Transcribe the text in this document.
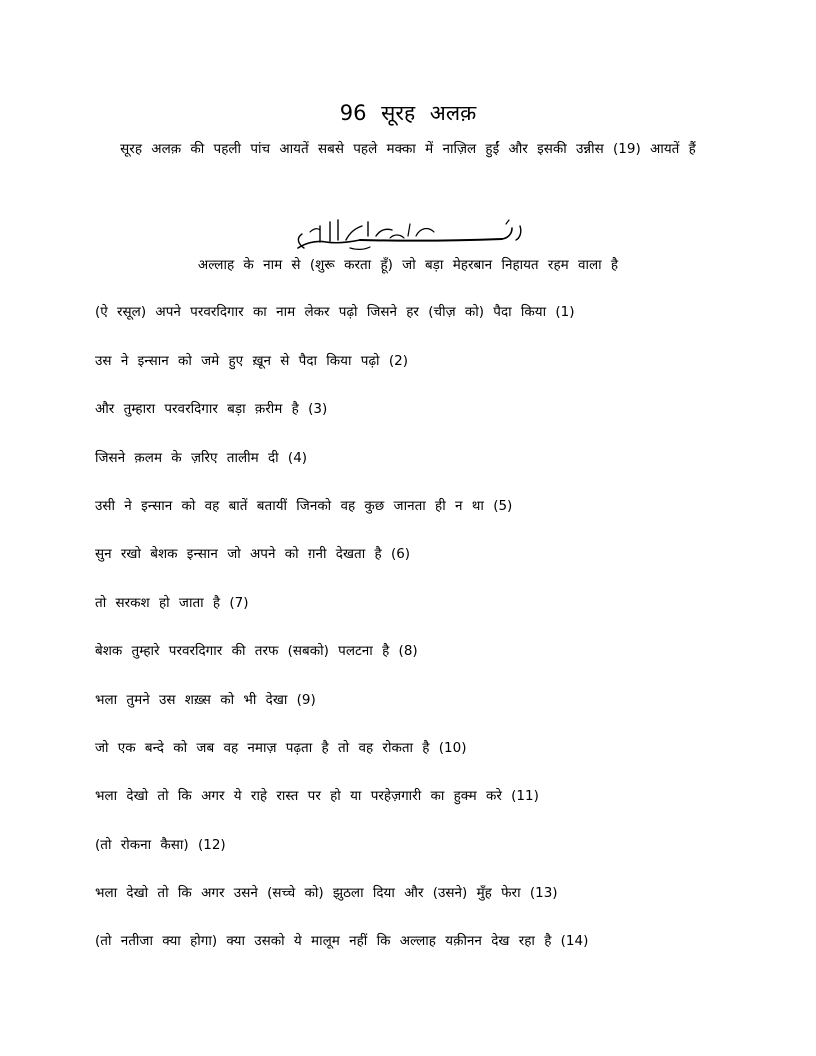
96 सूरह अलक़
सूरह अलक़ की पहली पांच आयतें सबसे पहले मक्का में नाज़िल हुईं और इसकी उन्नीस (19) आयतें हैं
अल्लाह के नाम से (शुरू करता हूँ) जो बड़ा मेहरबान निहायत रहम वाला है
(ऐ रसूल) अपने परवरदिगार का नाम लेकर पढ़ो जिसने हर (चीज़ को) पैदा किया (1)
उस ने इन्सान को जमे हुए ख़ून से पैदा किया पढ़ो (2)
और तुम्हारा परवरदिगार बड़ा क़रीम है (3)
जिसने क़लम के ज़रिए तालीम दी (4)
उसी ने इन्सान को वह बातें बतायीं जिनको वह कुछ जानता ही न था (5)
सुन रखो बेशक इन्सान जो अपने को ग़नी देखता है (6)
तो सरकश हो जाता है (7)
बेशक तुम्हारे परवरदिगार की तरफ (सबको) पलटना है (8)
भला तुमने उस शख़्स को भी देखा (9)
जो एक बन्दे को जब वह नमाज़ पढ़ता है तो वह रोकता है (10)
भला देखो तो कि अगर ये राहे रास्त पर हो या परहेज़गारी का हुक्म करे (11)
(तो रोकना कैसा) (12)
भला देखो तो कि अगर उसने (सच्चे को) झुठला दिया और (उसने) मुँह फेरा (13)
(तो नतीजा क्या होगा) क्या उसको ये मालूम नहीं कि अल्लाह यक़ीनन देख रहा है (14)
